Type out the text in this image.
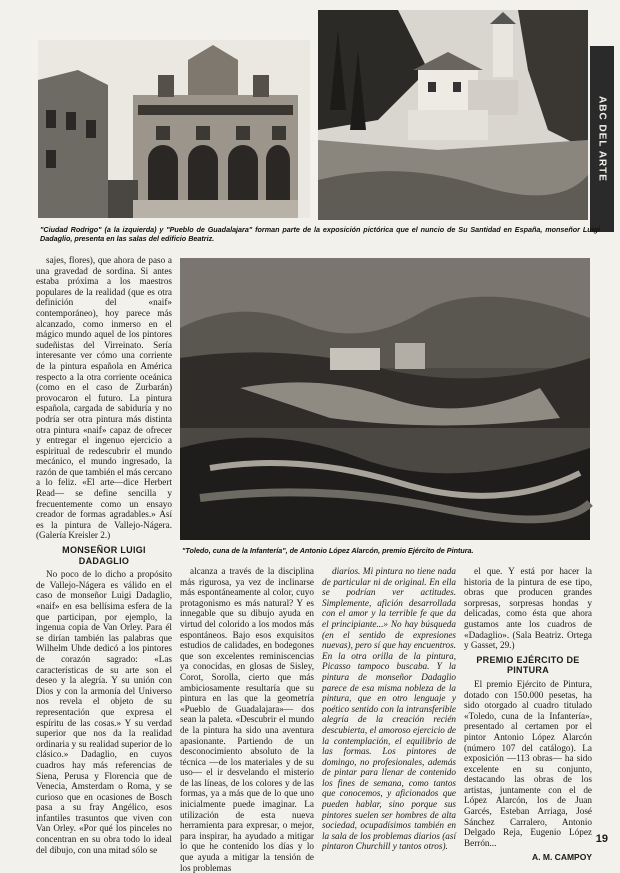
ABC DEL ARTE
"Ciudad Rodrigo" (a la izquierda) y "Pueblo de Guadalajara" forman parte de la exposición pictórica que el nuncio de Su Santidad en España, monseñor Luigi Dadaglio, presenta en las salas del edificio Beatriz.

sajes, flores), que ahora de paso a una gravedad de sordina. Si antes estaba próxima a los maestros populares de la realidad (que es otra definición del «naif» contemporáneo), hoy parece más alcanzado, como inmerso en el mágico mundo aquel de los pintores sudeñistas del Virreinato. Sería interesante ver cómo una corriente de la pintura española en América respecto a la otra corriente oceánica (como en el caso de Zurbarán) provocaron el futuro. La pintura española, cargada de sabiduría y no podría ser otra pintura más distinta otra pintura «naif» capaz de ofrecer y entregar el ingenuo ejercicio a espiritual de redescubrir el mundo mecánico, el mundo ingresado, la razón de que también el más cercano a lo feliz. «El arte—dice Herbert Read— se define sencilla y frecuentemente como un ensayo creador de formas agradables.» Así es la pintura de Vallejo-Nágera. (Galería Kreisler 2.)

MONSEÑOR LUIGI DADAGLIO

No poco de lo dicho a propósito de Vallejo-Nágera es válido en el caso de monseñor Luigi Dadaglio, «naif» en esa bellísima esfera de la que participan, por ejemplo, la ingenua copia de Van Orley. Para él se dirían también las palabras que Wilhelm Uhde dedicó a los pintores de corazón sagrado: «Las características de su arte son el deseo y la alegría. Y su unión con Dios y con la armonía del Universo nos revela el objeto de su representación que expresa el espíritu de las cosas.» Y su verdad superior que nos da la realidad ordinaria y su realidad superior de lo clásico.» Dadaglio, en cuyos cuadros hay más referencias de Siena, Perusa y Florencia que de Venecia, Amsterdam o Roma, y se curioso que en ocasiones de Bosch pasa a su fray Angélico, esos infantiles trasuntos que viven con Van Orley. «Por qué los pinceles no concentran en su obra todo lo ideal del dibujo, con una mitad sólo se

"Toledo, cuna de la Infantería", de Antonio López Alarcón, premio Ejército de Pintura.

alcanza a través de la disciplina más rigurosa, ya vez de inclinarse más espontáneamente al color, cuyo protagonismo es más natural? Y es innegable que su dibujo ayuda en virtud del colorido a los modos más espontáneos. Bajo esos exquisitos estudios de calidades, en bodegones que son excelentes reminiscencias ya conocidas, en glosas de Sisley, Corot, Sorolla, cierto que más ambiciosamente resultaría que su pintura en las que la geometría «Pueblo de Guadalajara»— dos sean la paleta. «Descubrir el mundo de la pintura ha sido una aventura apasionante. Partiendo de un desconocimiento absoluto de la técnica —de los materiales y de su uso— el ir desvelando el misterio de las líneas, de los colores y de las formas, ya a más que de lo que uno inicialmente puede imaginar. La utilización de esta nueva herramienta para expresar, o mejor, para inspirar, ha ayudado a mitigar lo que he contenido los días y lo que ayuda a mitigar la tensión de los problemas

diarios. Mi pintura no tiene nada de particular ni de original. En ella se podrían ver actitudes. Simplemente, afición desarrollada con el amor y la terrible fe que da el principiante...» No hay búsqueda (en el sentido de expresiones nuevas), pero sí que hay encuentros. En la otra orilla de la pintura, Picasso tampoco buscaba. Y la pintura de monseñor Dadaglio parece de esa misma nobleza de la pintura, que en otro lenguaje y poético sentido con la intransferible alegría de la creación recién descubierta, el amoroso ejercicio de la contemplación, el equilibrio de las formas. Los pintores de domingo, no profesionales, además de pintar para llenar de contenido los fines de semana, como tantos que conocemos, y aficionados que pueden hablar, sino porque sus pintores suelen ser hombres de alta sociedad, ocupadísimos también en la sala de los problemas diarios (así pintaron Churchill y tantos otros).

el que. Y está por hacer la historia de la pintura de ese tipo, obras que producen grandes sorpresas, sorpresas hondas y delicadas, como ésta que ahora gustamos ante los cuadros de «Dadaglio». (Sala Beatriz. Ortega y Gasset, 29.)

PREMIO EJÉRCITO DE PINTURA

El premio Ejército de Pintura, dotado con 150.000 pesetas, ha sido otorgado al cuadro titulado «Toledo, cuna de la Infantería», presentado al certamen por el pintor Antonio López Alarcón (número 107 del catálogo). La exposición —113 obras— ha sido excelente en su conjunto, destacando las obras de los artistas, juntamente con el de López Alarcón, los de Juan Garcés, Esteban Arriaga, José Sánchez Carralero, Antonio Delgado Reja, Eugenio López Berrón...

A. M. CAMPOY
19
